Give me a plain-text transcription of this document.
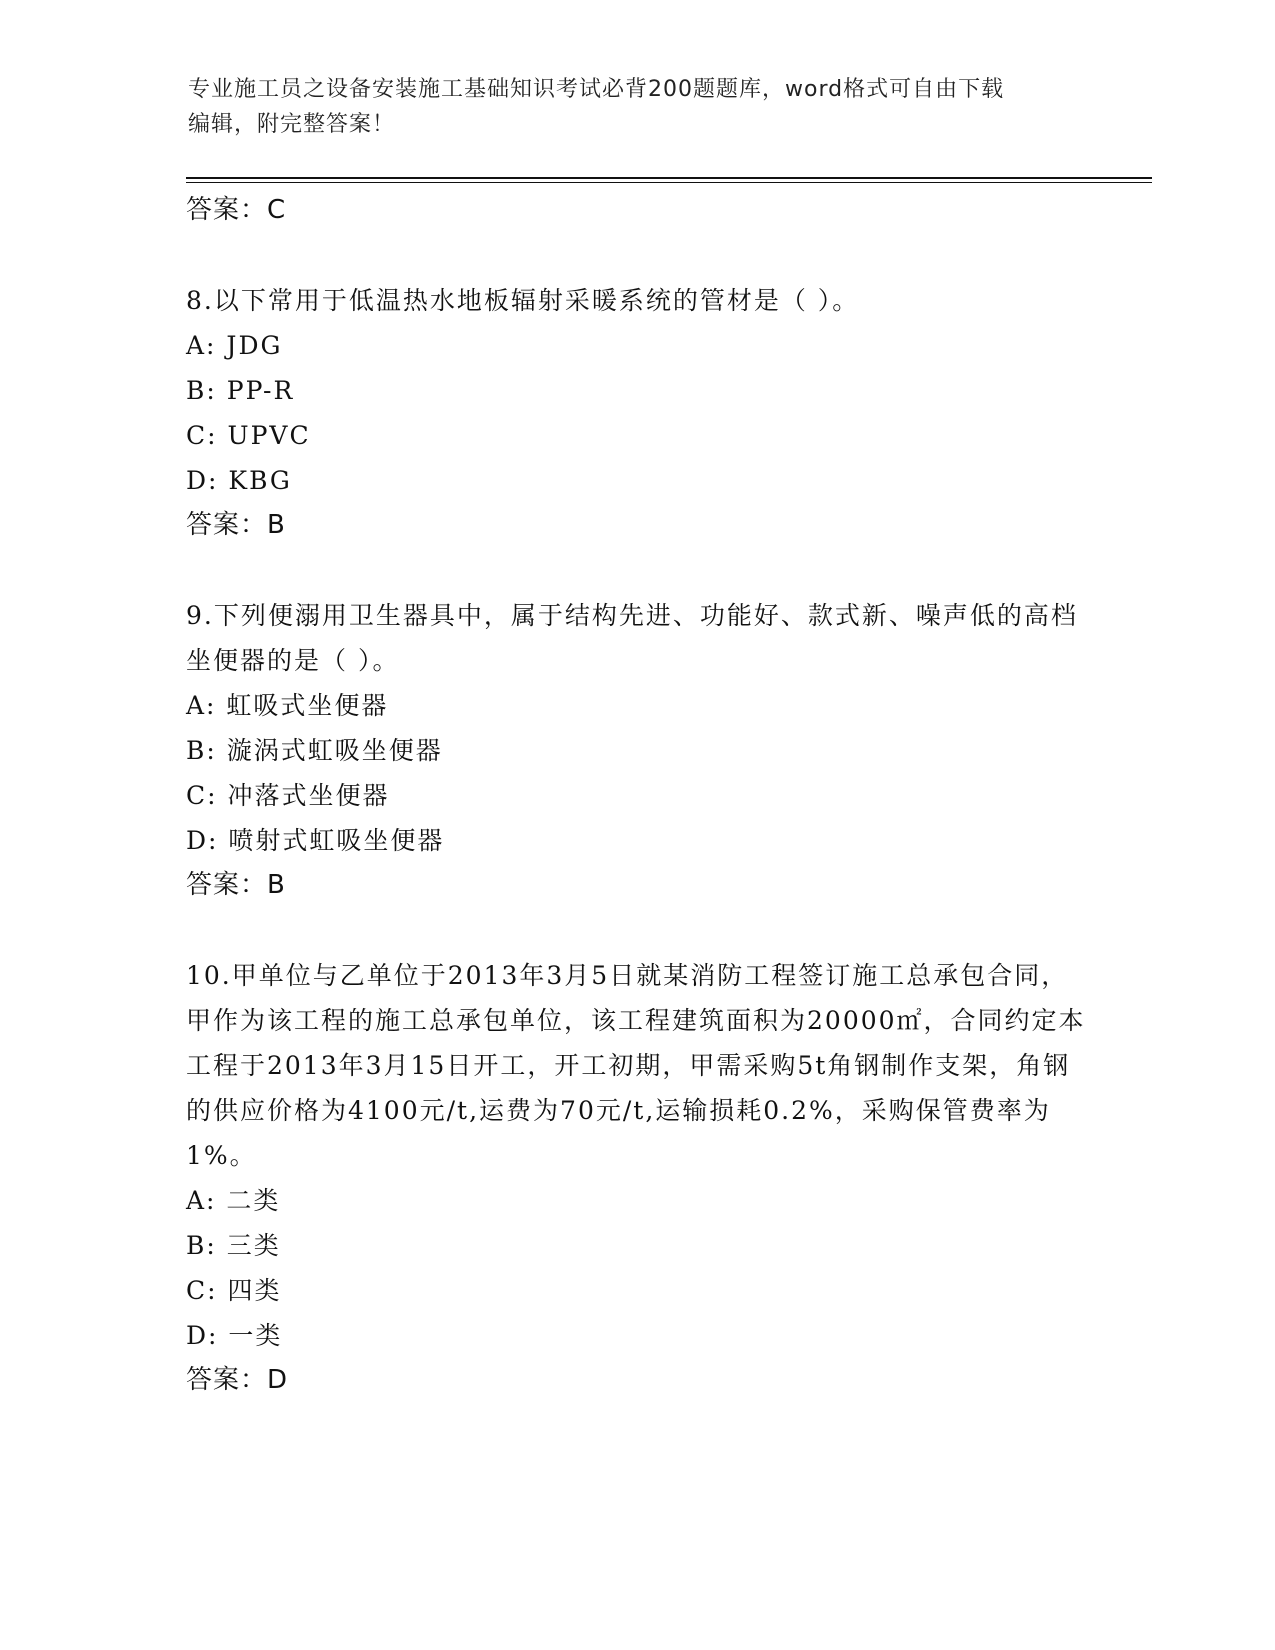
专业施工员之设备安装施工基础知识考试必背200题题库，word格式可自由下载
编辑，附完整答案！
答案：C
8.以下常用于低温热水地板辐射采暖系统的管材是（ ）。
A: JDG
B: PP-R
C: UPVC
D: KBG
答案：B
9.下列便溺用卫生器具中，属于结构先进、功能好、款式新、噪声低的高档坐便器的是（ ）。
A: 虹吸式坐便器
B: 漩涡式虹吸坐便器
C: 冲落式坐便器
D: 喷射式虹吸坐便器
答案：B
10.甲单位与乙单位于2013年3月5日就某消防工程签订施工总承包合同，甲作为该工程的施工总承包单位，该工程建筑面积为20000㎡，合同约定本工程于2013年3月15日开工，开工初期，甲需采购5t角钢制作支架，角钢的供应价格为4100元/t,运费为70元/t,运输损耗0.2%，采购保管费率为1%。
A: 二类
B: 三类
C: 四类
D: 一类
答案：D
